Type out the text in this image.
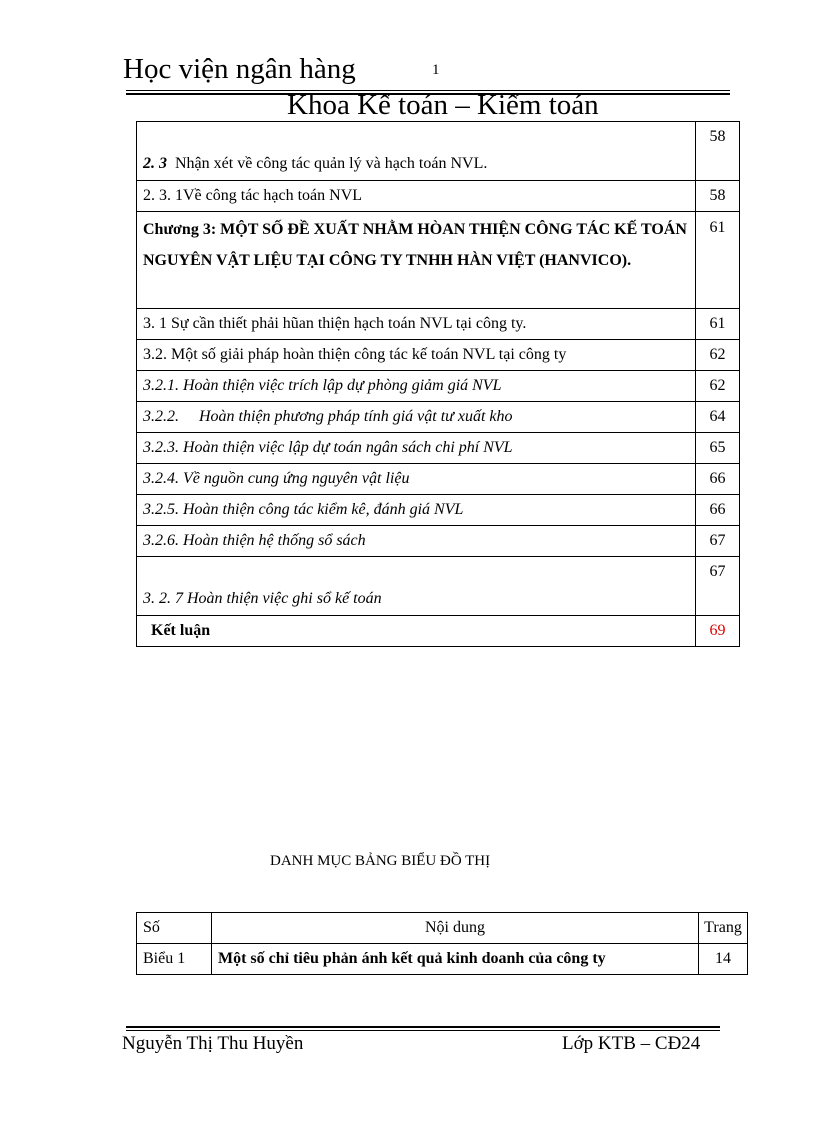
Học viện ngân hàng	1
Khoa Kế toán – Kiểm toán
2. 3 Nhận xét về công tác quản lý và hạch toán NVL.	58

2. 3. 1Về công tác hạch toán NVL	58

Chương 3: MỘT SỐ ĐỀ XUẤT NHẰM HÒAN THIỆN CÔNG TÁC KẾ TOÁN NGUYÊN VẬT LIỆU TẠI CÔNG TY TNHH HÀN VIỆT (HANVICO).	61

3. 1 Sự cần thiết phải hũan thiện hạch toán NVL tại công ty.	61

3.2. Một số giải pháp hoàn thiện công tác kế toán NVL tại công ty	62

3.2.1. Hoàn thiện việc trích lập dự phòng giảm giá NVL	62

3.2.2.     Hoàn thiện phương pháp tính giá vật tư xuất kho	64

3.2.3. Hoàn thiện việc lập dự toán ngân sách chi phí NVL	65

3.2.4. Về nguồn cung ứng nguyên vật liệu	66

3.2.5. Hoàn thiện công tác kiểm kê, đánh giá NVL	66

3.2.6. Hoàn thiện hệ thống sổ sách	67

3. 2. 7 Hoàn thiện việc ghi sổ kế toán	67

Kết luận	69
DANH MỤC BẢNG BIỂU ĐỒ THỊ
Số	Nội dung	Trang
Biểu 1	Một số chỉ tiêu phản ánh kết quả kinh doanh của công ty	14
Nguyễn Thị Thu Huyền	Lớp KTB – CĐ24
